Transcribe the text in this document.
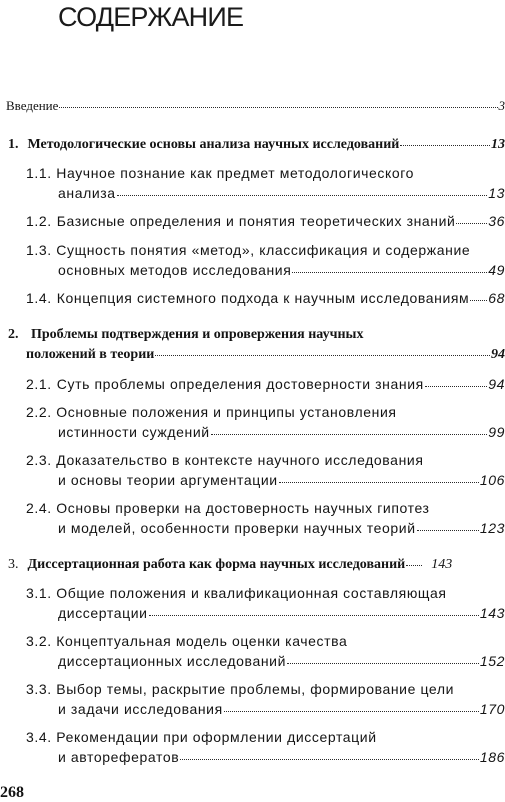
СОДЕРЖАНИЕ
Введение	3
1. Методологические основы анализа научных исследований	13
1.1. Научное познание как предмет методологического
анализа	13
1.2. Базисные определения и понятия теоретических знаний 36
1.3. Сущность понятия «метод», классификация и содержание
основных методов исследования	49
1.4. Концепция системного подхода к научным исследованиям 68
2. Проблемы подтверждения и опровержения научных
положений в теории	94
2.1. Суть проблемы определения достоверности знания	94
2.2. Основные положения и принципы установления
истинности суждений	99
2.3. Доказательство в контексте научного исследования
и основы теории аргументации	106
2.4. Основы проверки на достоверность научных гипотез
и моделей, особенности проверки научных теорий	123
3. Диссертационная работа как форма научных исследований 143
3.1. Общие положения и квалификационная составляющая
диссертации	143
3.2. Концептуальная модель оценки качества
диссертационных исследований	152
3.3. Выбор темы, раскрытие проблемы, формирование цели
и задачи исследования	170
3.4. Рекомендации при оформлении диссертаций
и авторефератов	186
268
